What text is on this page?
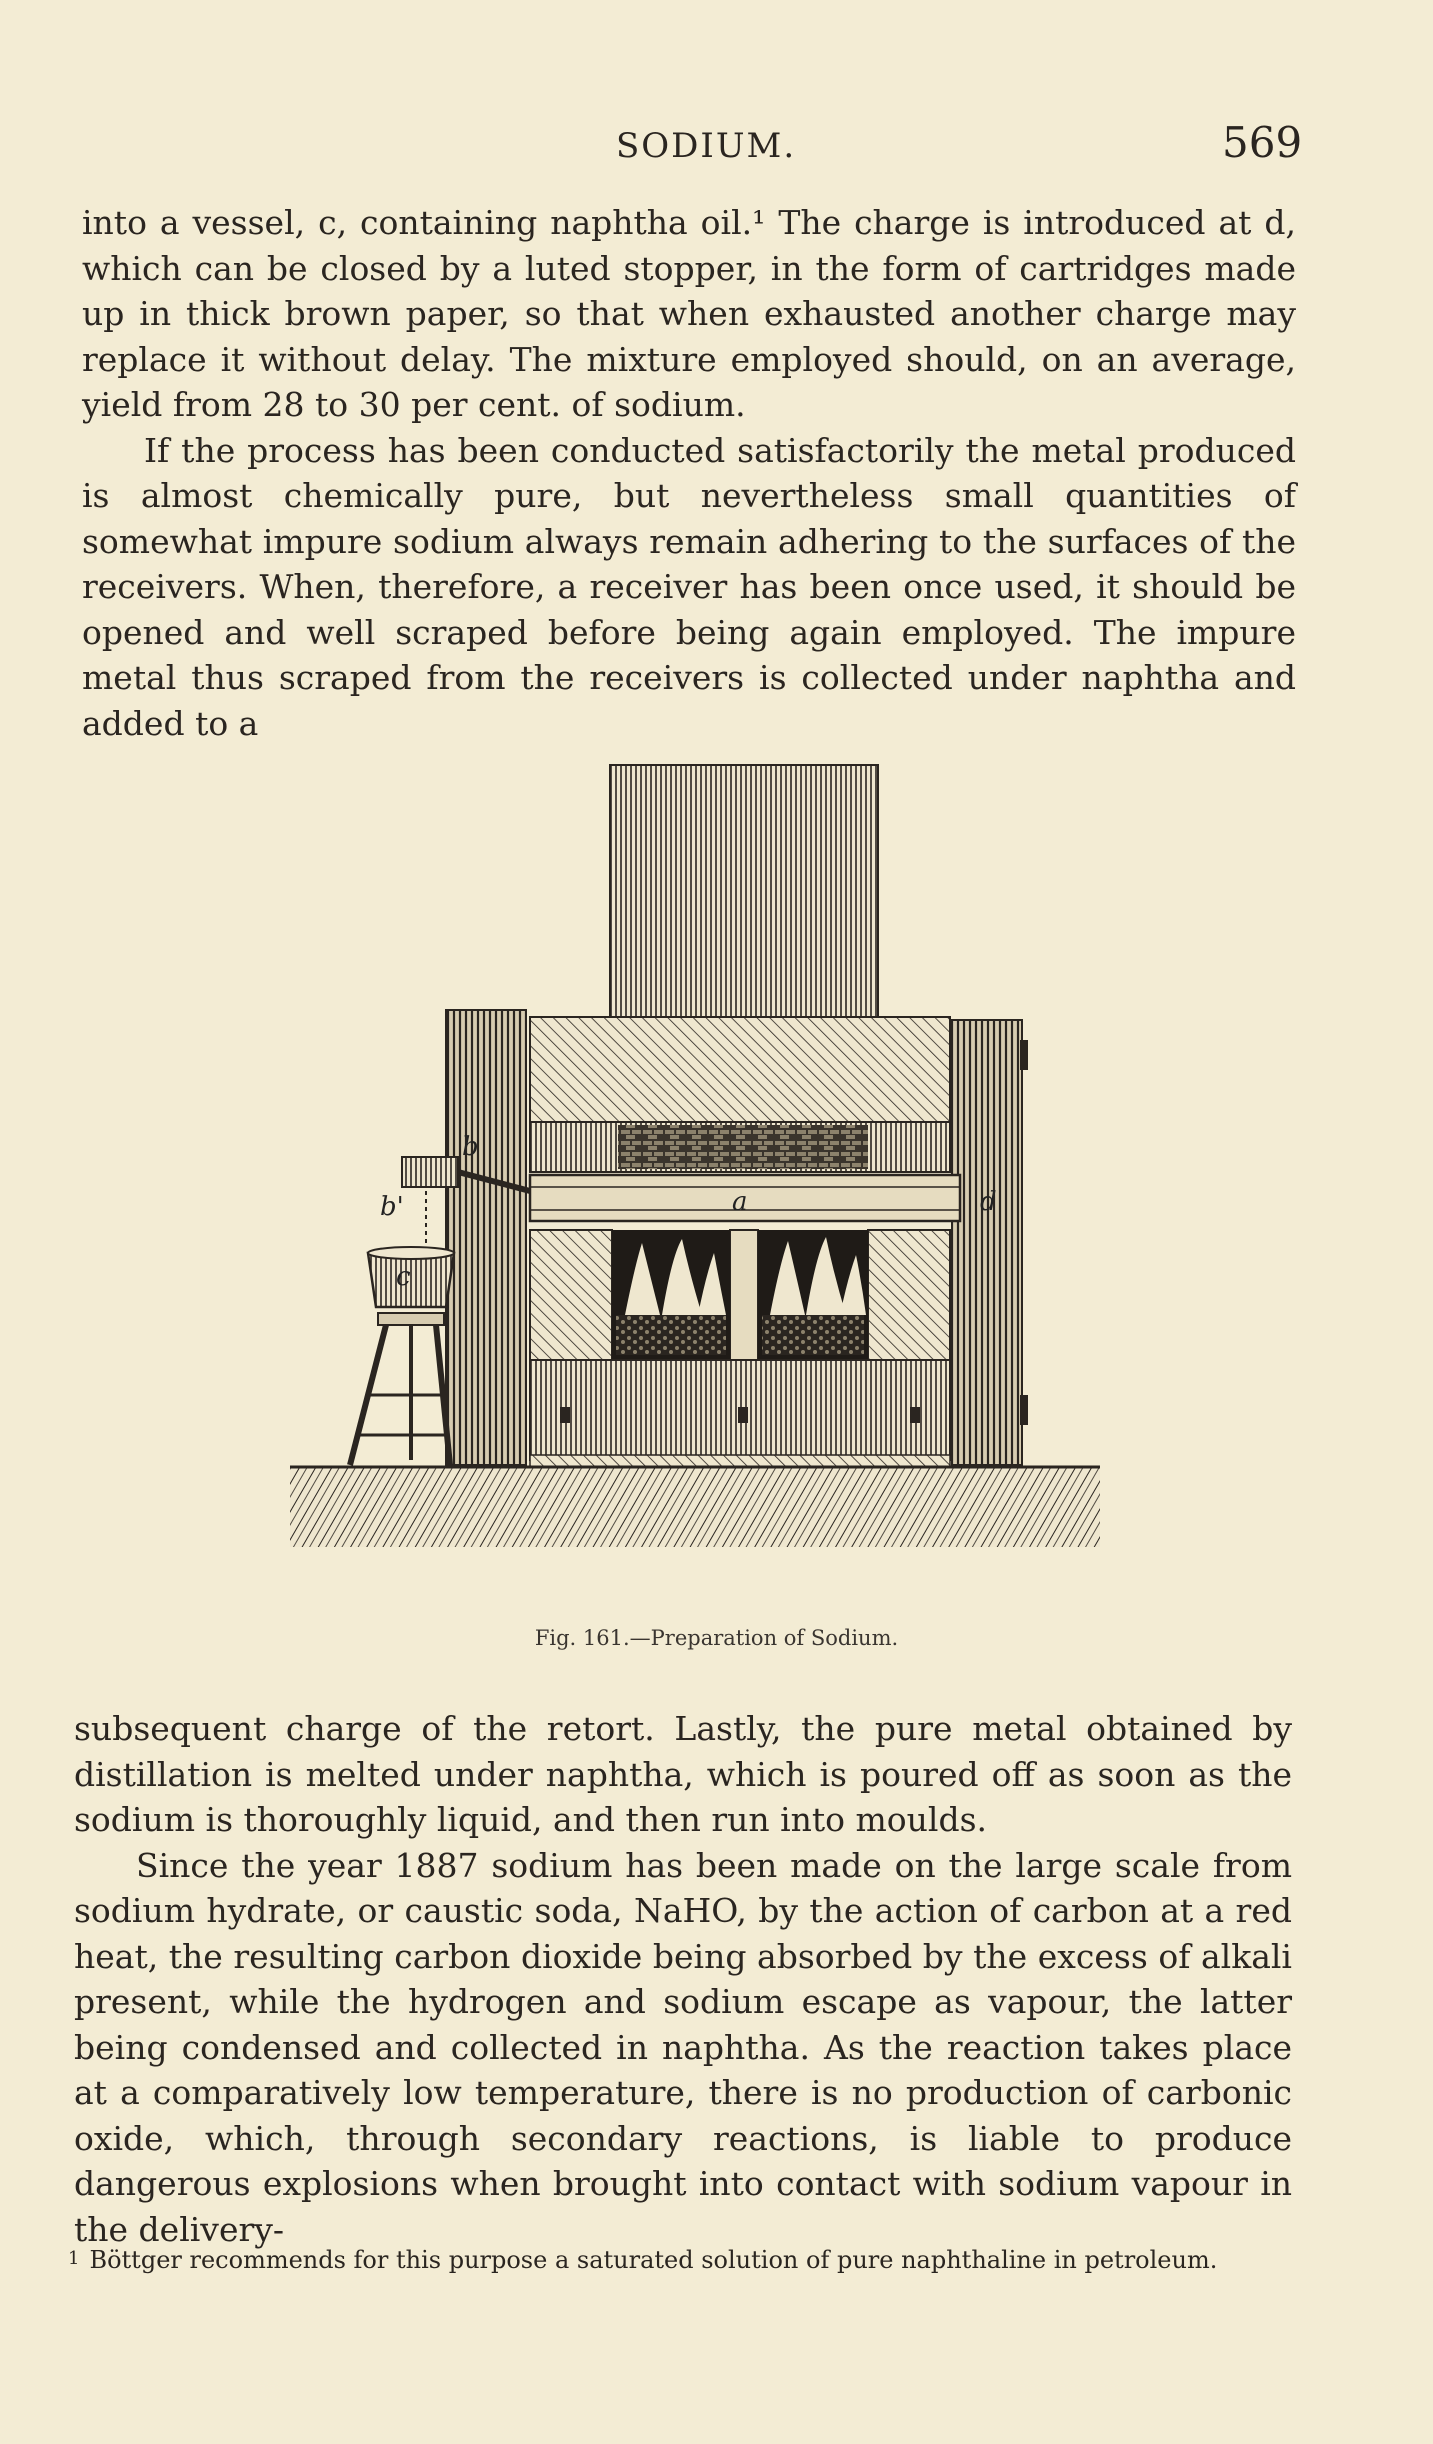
SODIUM.	569

into a vessel, c, containing naphtha oil.¹ The charge is introduced at d, which can be closed by a luted stopper, in the form of cartridges made up in thick brown paper, so that when exhausted another charge may replace it without delay. The mixture employed should, on an average, yield from 28 to 30 per cent. of sodium.

If the process has been conducted satisfactorily the metal produced is almost chemically pure, but nevertheless small quantities of somewhat impure sodium always remain adhering to the surfaces of the receivers. When, therefore, a receiver has been once used, it should be opened and well scraped before being again employed. The impure metal thus scraped from the receivers is collected under naphtha and added to a

b
b'
c
a	d
Fig. 161.—Preparation of Sodium.

subsequent charge of the retort. Lastly, the pure metal obtained by distillation is melted under naphtha, which is poured off as soon as the sodium is thoroughly liquid, and then run into moulds.

Since the year 1887 sodium has been made on the large scale from sodium hydrate, or caustic soda, NaHO, by the action of carbon at a red heat, the resulting carbon dioxide being absorbed by the excess of alkali present, while the hydrogen and sodium escape as vapour, the latter being condensed and collected in naphtha. As the reaction takes place at a comparatively low temperature, there is no production of carbonic oxide, which, through secondary reactions, is liable to produce dangerous explosions when brought into contact with sodium vapour in the delivery-

1 Böttger recommends for this purpose a saturated solution of pure naphthaline in petroleum.
